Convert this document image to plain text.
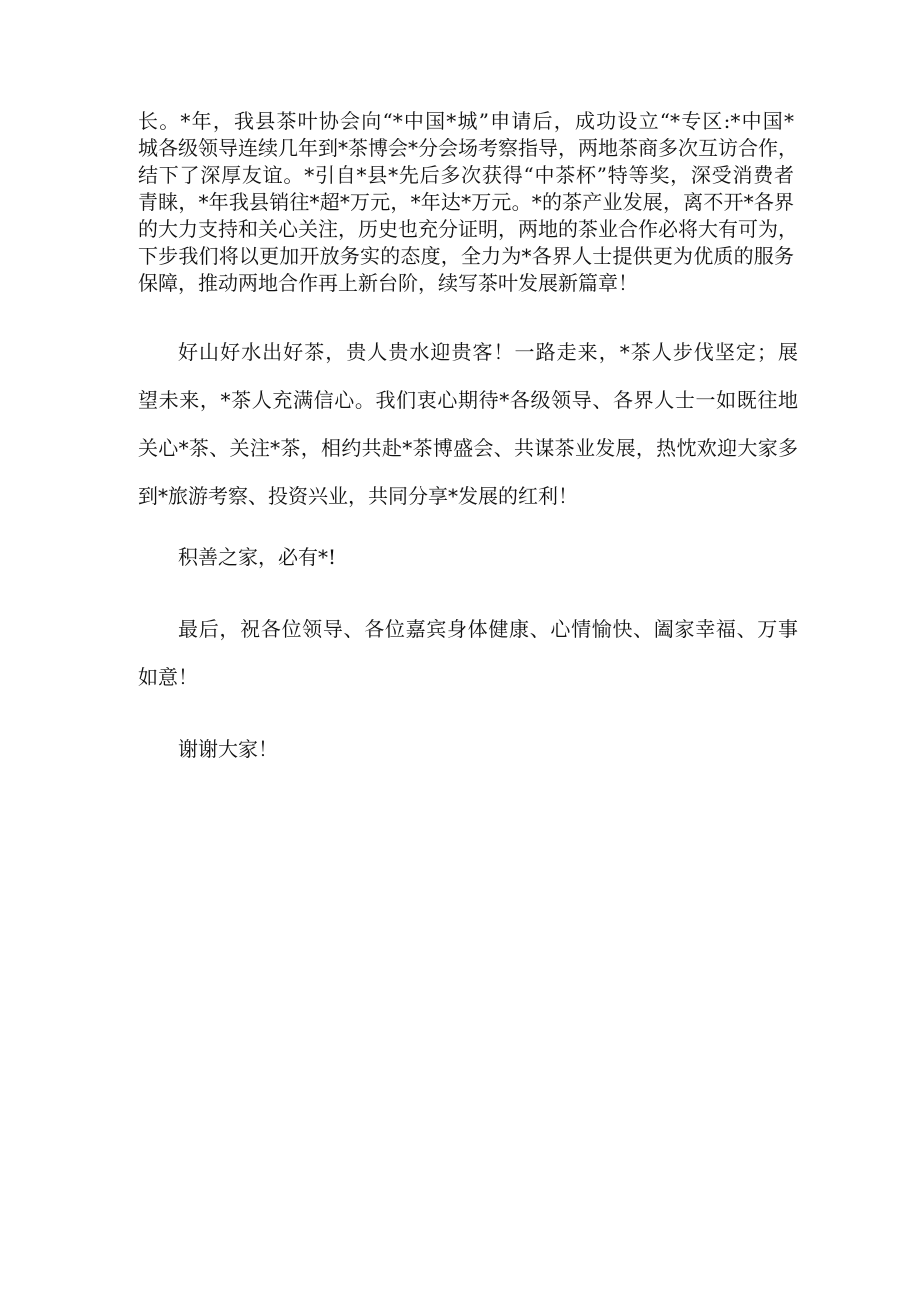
长。*年，我县茶叶协会向“*中国*城”申请后，成功设立“*专区:*中国*
城各级领导连续几年到*茶博会*分会场考察指导，两地茶商多次互访合作，
结下了深厚友谊。*引自*县*先后多次获得“中茶杯”特等奖，深受消费者
青睐，*年我县销往*超*万元，*年达*万元。*的茶产业发展，离不开*各界
的大力支持和关心关注，历史也充分证明，两地的茶业合作必将大有可为，
下步我们将以更加开放务实的态度，全力为*各界人士提供更为优质的服务
保障，推动两地合作再上新台阶，续写茶叶发展新篇章！
好山好水出好茶，贵人贵水迎贵客！一路走来，*茶人步伐坚定；展
望未来，*茶人充满信心。我们衷心期待*各级领导、各界人士一如既往地
关心*茶、关注*茶，相约共赴*茶博盛会、共谋茶业发展，热忱欢迎大家多
到*旅游考察、投资兴业，共同分享*发展的红利！
积善之家，必有*!
最后，祝各位领导、各位嘉宾身体健康、心情愉快、阖家幸福、万事
如意！
谢谢大家！
